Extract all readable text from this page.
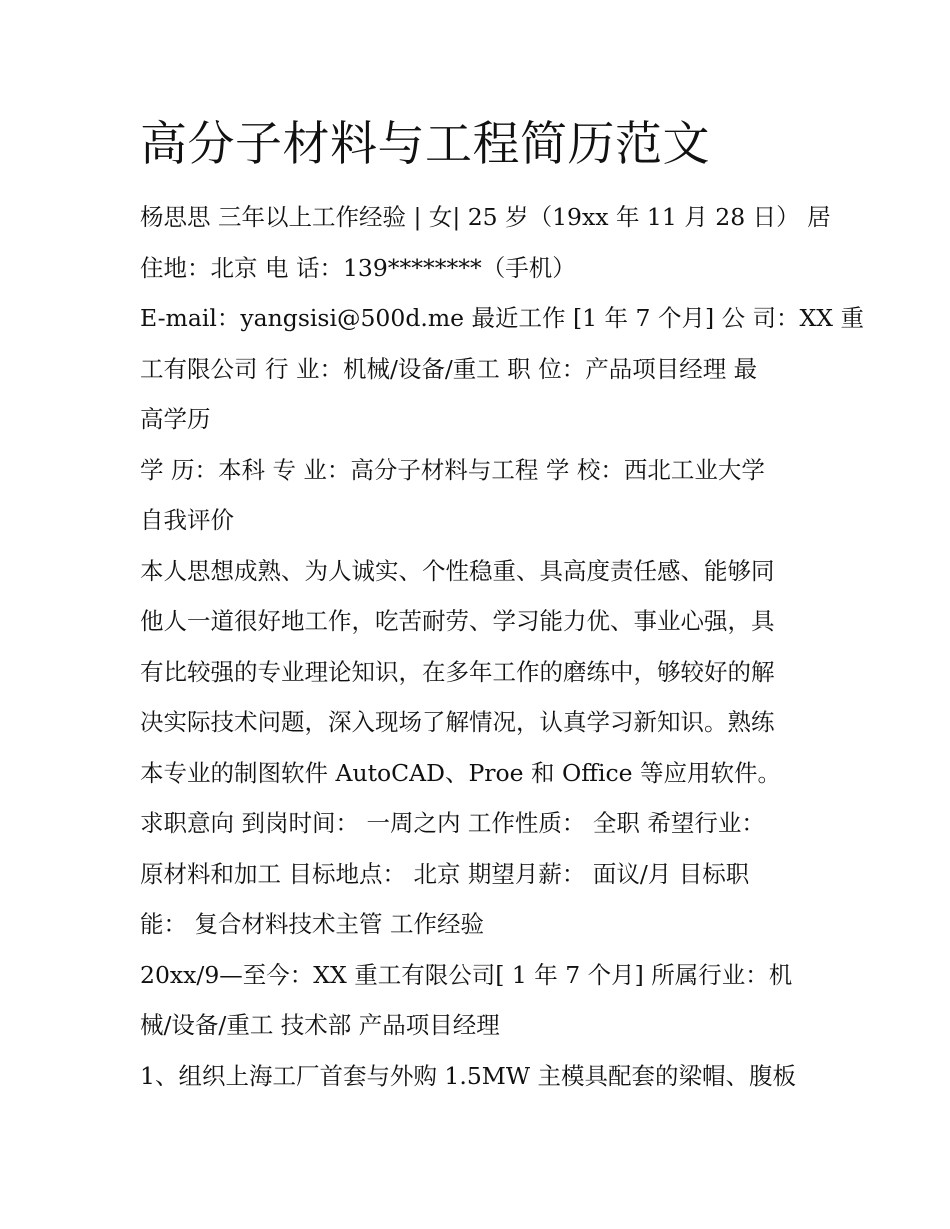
高分子材料与工程简历范文

杨思思 三年以上工作经验 | 女| 25 岁（19xx 年 11 月 28 日） 居

住地：北京 电 话：139********（手机）

E-mail：yangsisi@500d.me 最近工作 [1 年 7 个月] 公 司：XX 重

工有限公司 行 业：机械/设备/重工 职 位：产品项目经理 最

高学历

学 历：本科 专 业：高分子材料与工程 学 校：西北工业大学

自我评价

本人思想成熟、为人诚实、个性稳重、具高度责任感、能够同

他人一道很好地工作，吃苦耐劳、学习能力优、事业心强，具

有比较强的专业理论知识，在多年工作的磨练中，够较好的解

决实际技术问题，深入现场了解情况，认真学习新知识。熟练

本专业的制图软件 AutoCAD、Proe 和 Office 等应用软件。

求职意向 到岗时间： 一周之内 工作性质： 全职 希望行业：

原材料和加工 目标地点： 北京 期望月薪： 面议/月 目标职

能： 复合材料技术主管 工作经验

20xx/9—至今：XX 重工有限公司[ 1 年 7 个月] 所属行业：机

械/设备/重工 技术部 产品项目经理

1、组织上海工厂首套与外购 1.5MW 主模具配套的梁帽、腹板
